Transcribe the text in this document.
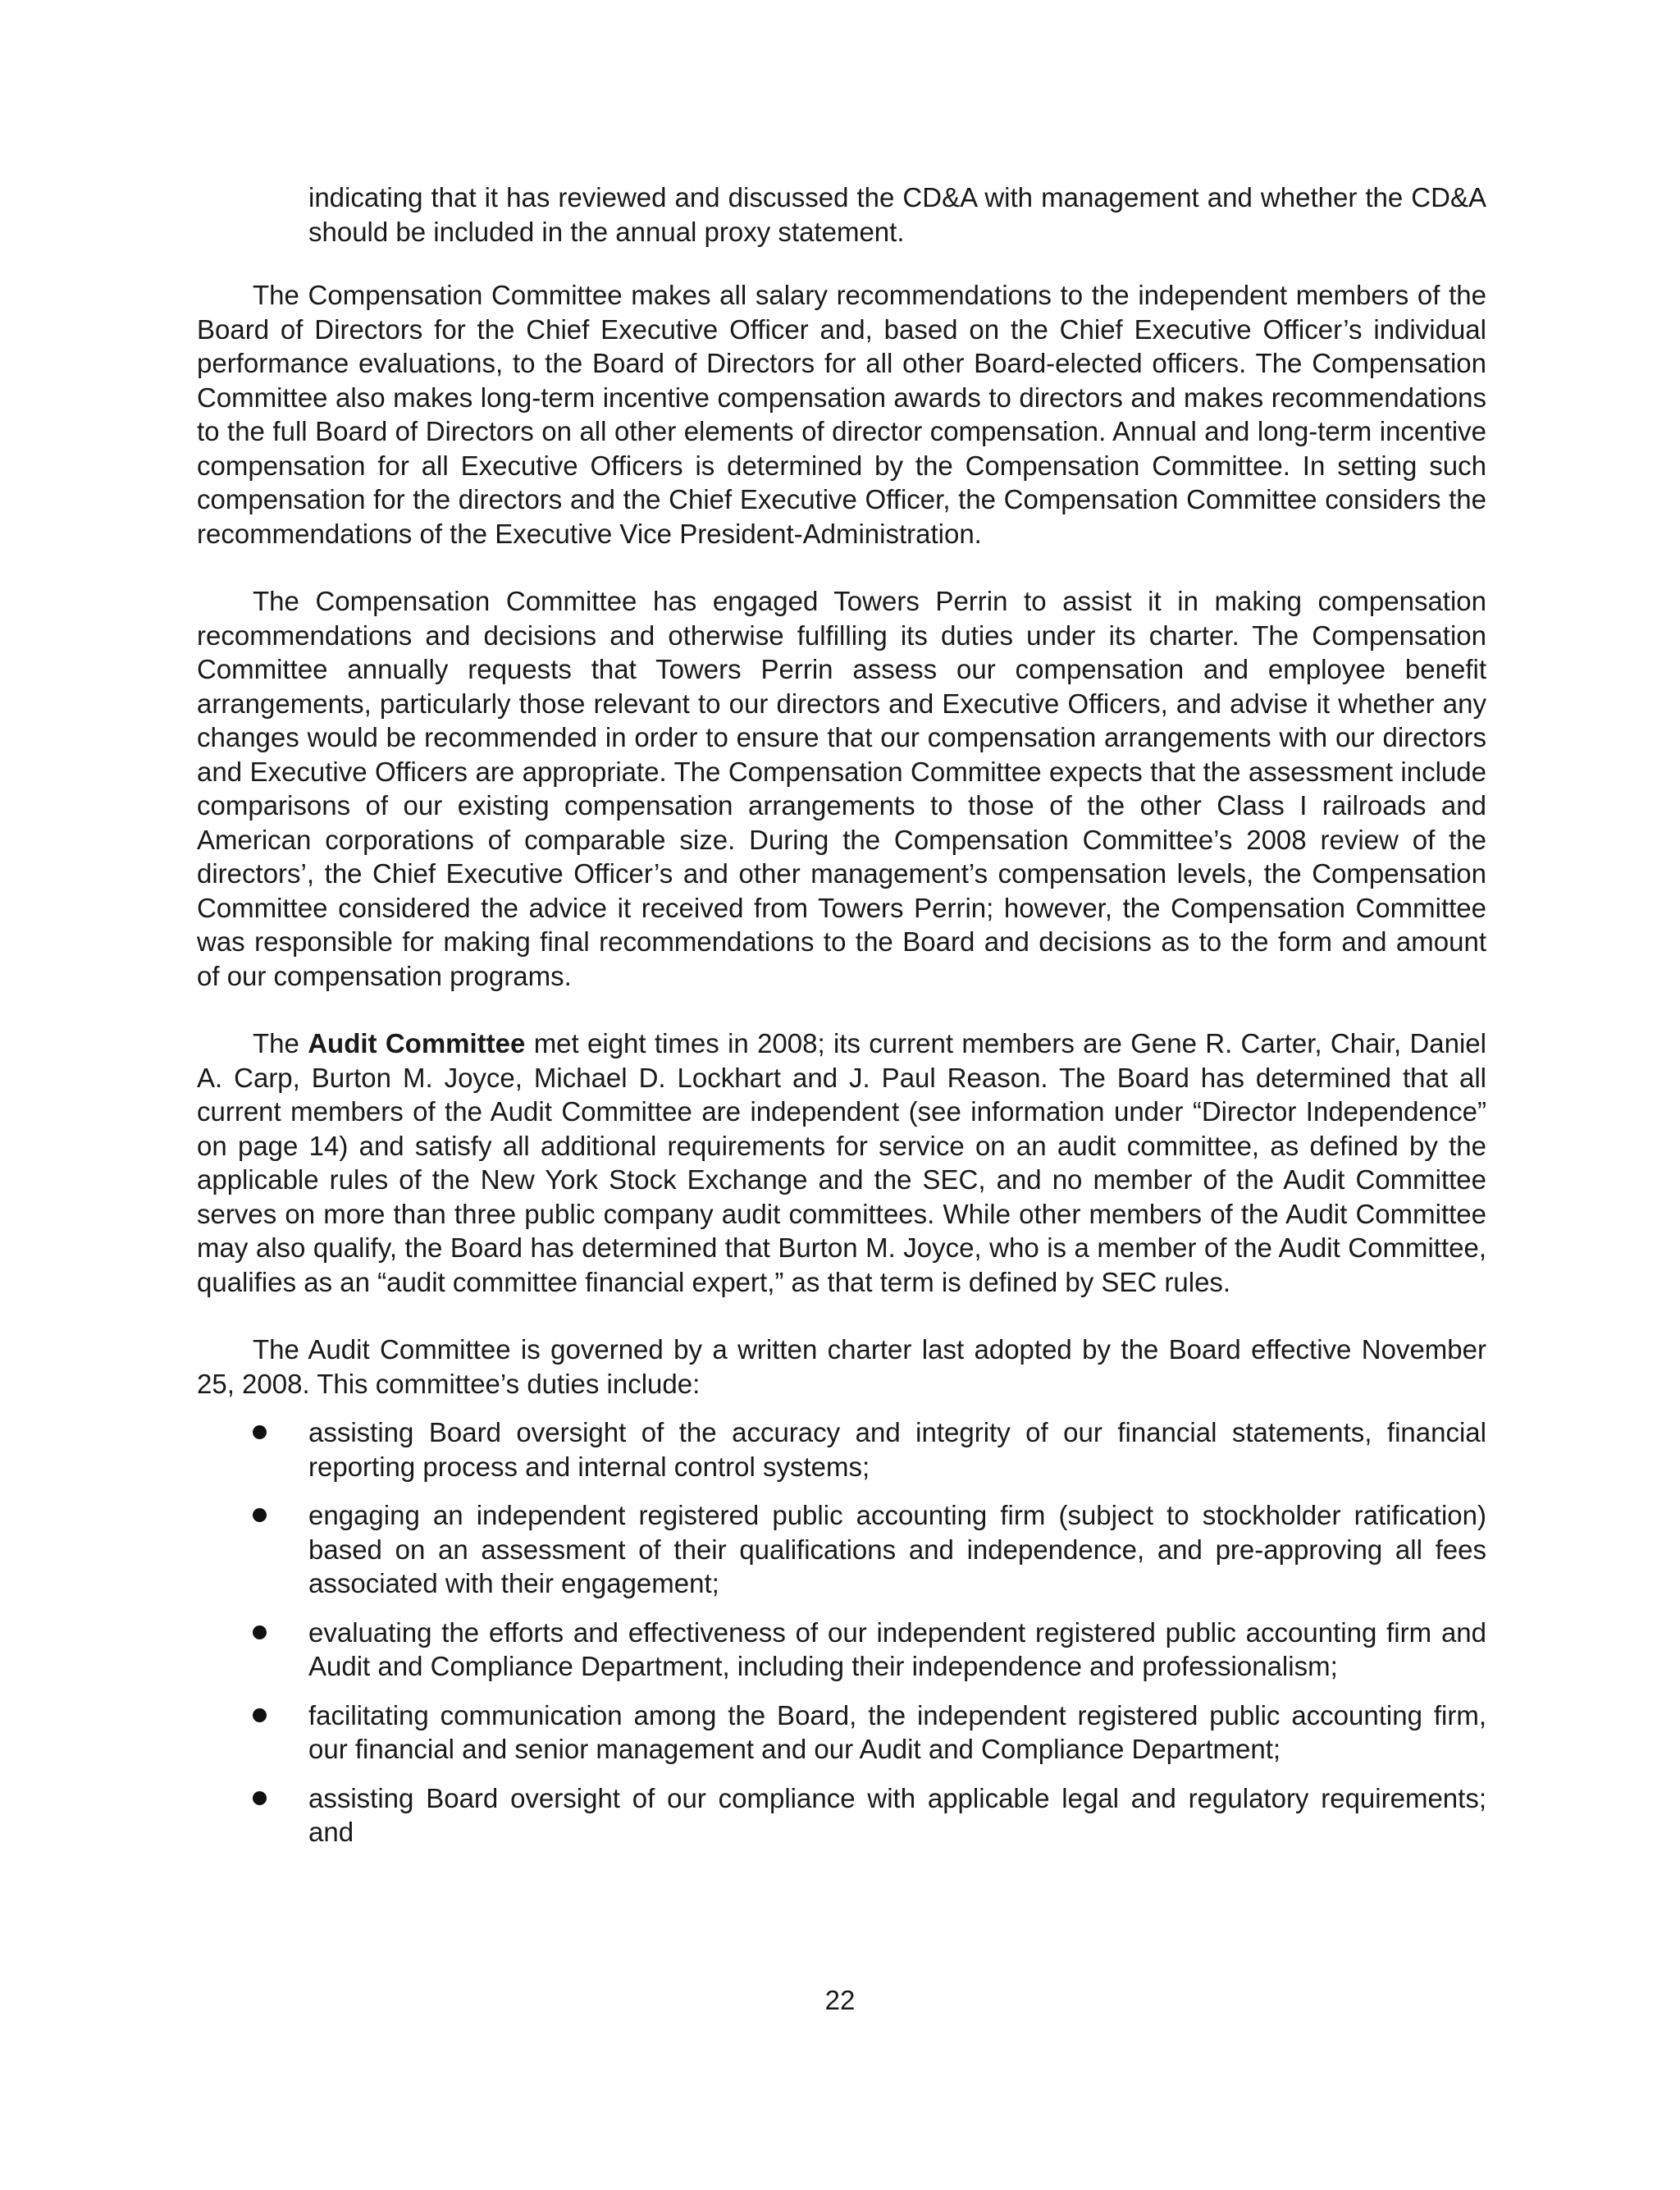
indicating that it has reviewed and discussed the CD&A with management and whether the CD&A should be included in the annual proxy statement.

The Compensation Committee makes all salary recommendations to the independent members of the Board of Directors for the Chief Executive Officer and, based on the Chief Executive Officer’s individual performance evaluations, to the Board of Directors for all other Board-elected officers. The Compensation Committee also makes long-term incentive compensation awards to directors and makes recommendations to the full Board of Directors on all other elements of director compensation. Annual and long-term incentive compensation for all Executive Officers is determined by the Compensation Committee. In setting such compensation for the directors and the Chief Executive Officer, the Compensation Committee considers the recommendations of the Executive Vice President-Administration.

The Compensation Committee has engaged Towers Perrin to assist it in making compensation recommendations and decisions and otherwise fulfilling its duties under its charter. The Compensation Committee annually requests that Towers Perrin assess our compensation and employee benefit arrangements, particularly those relevant to our directors and Executive Officers, and advise it whether any changes would be recommended in order to ensure that our compensation arrangements with our directors and Executive Officers are appropriate. The Compensation Committee expects that the assessment include comparisons of our existing compensation arrangements to those of the other Class I railroads and American corporations of comparable size. During the Compensation Committee’s 2008 review of the directors’, the Chief Executive Officer’s and other management’s compensation levels, the Compensation Committee considered the advice it received from Towers Perrin; however, the Compensation Committee was responsible for making final recommendations to the Board and decisions as to the form and amount of our compensation programs.

The Audit Committee met eight times in 2008; its current members are Gene R. Carter, Chair, Daniel A. Carp, Burton M. Joyce, Michael D. Lockhart and J. Paul Reason. The Board has determined that all current members of the Audit Committee are independent (see information under “Director Independence” on page 14) and satisfy all additional requirements for service on an audit committee, as defined by the applicable rules of the New York Stock Exchange and the SEC, and no member of the Audit Committee serves on more than three public company audit committees. While other members of the Audit Committee may also qualify, the Board has determined that Burton M. Joyce, who is a member of the Audit Committee, qualifies as an “audit committee financial expert,” as that term is defined by SEC rules.

The Audit Committee is governed by a written charter last adopted by the Board effective November 25, 2008. This committee’s duties include:

assisting Board oversight of the accuracy and integrity of our financial statements, financial reporting process and internal control systems;
engaging an independent registered public accounting firm (subject to stockholder ratification) based on an assessment of their qualifications and independence, and pre-approving all fees associated with their engagement;
evaluating the efforts and effectiveness of our independent registered public accounting firm and Audit and Compliance Department, including their independence and professionalism;
facilitating communication among the Board, the independent registered public accounting firm, our financial and senior management and our Audit and Compliance Department;
assisting Board oversight of our compliance with applicable legal and regulatory requirements; and
22
